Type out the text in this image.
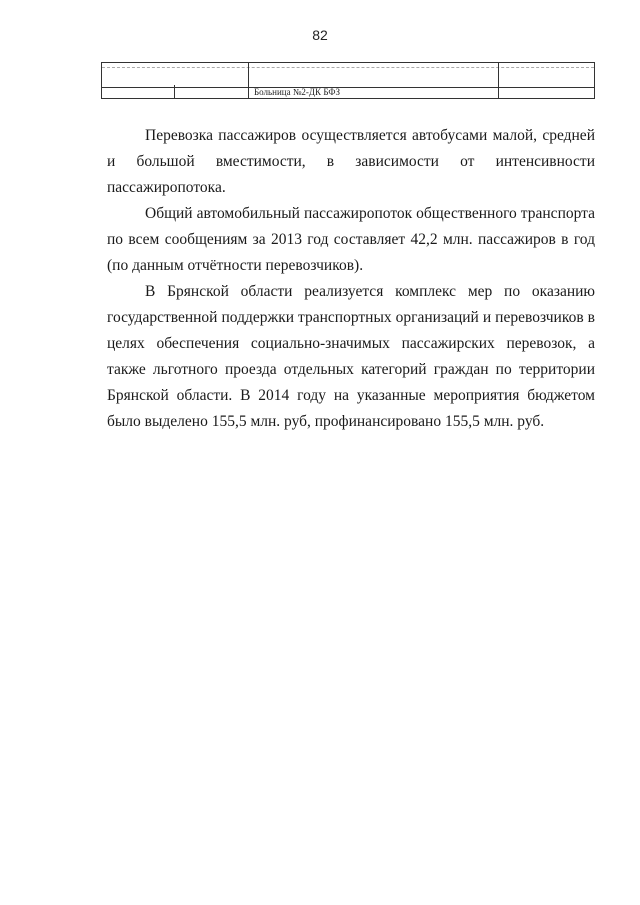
82
Больница №2-ДК БФЗ

Перевозка пассажиров осуществляется автобусами малой, средней и большой вместимости, в зависимости от интенсивности пассажиропотока.

Общий автомобильный пассажиропоток общественного транспорта по всем сообщениям за 2013 год составляет 42,2 млн. пассажиров в год (по данным отчётности перевозчиков).

В Брянской области реализуется комплекс мер по оказанию государственной поддержки транспортных организаций и перевозчиков в целях обеспечения социально-значимых пассажирских перевозок, а также льготного проезда отдельных категорий граждан по территории Брянской области. В 2014 году на указанные мероприятия бюджетом было выделено 155,5 млн. руб, профинансировано 155,5 млн. руб.
